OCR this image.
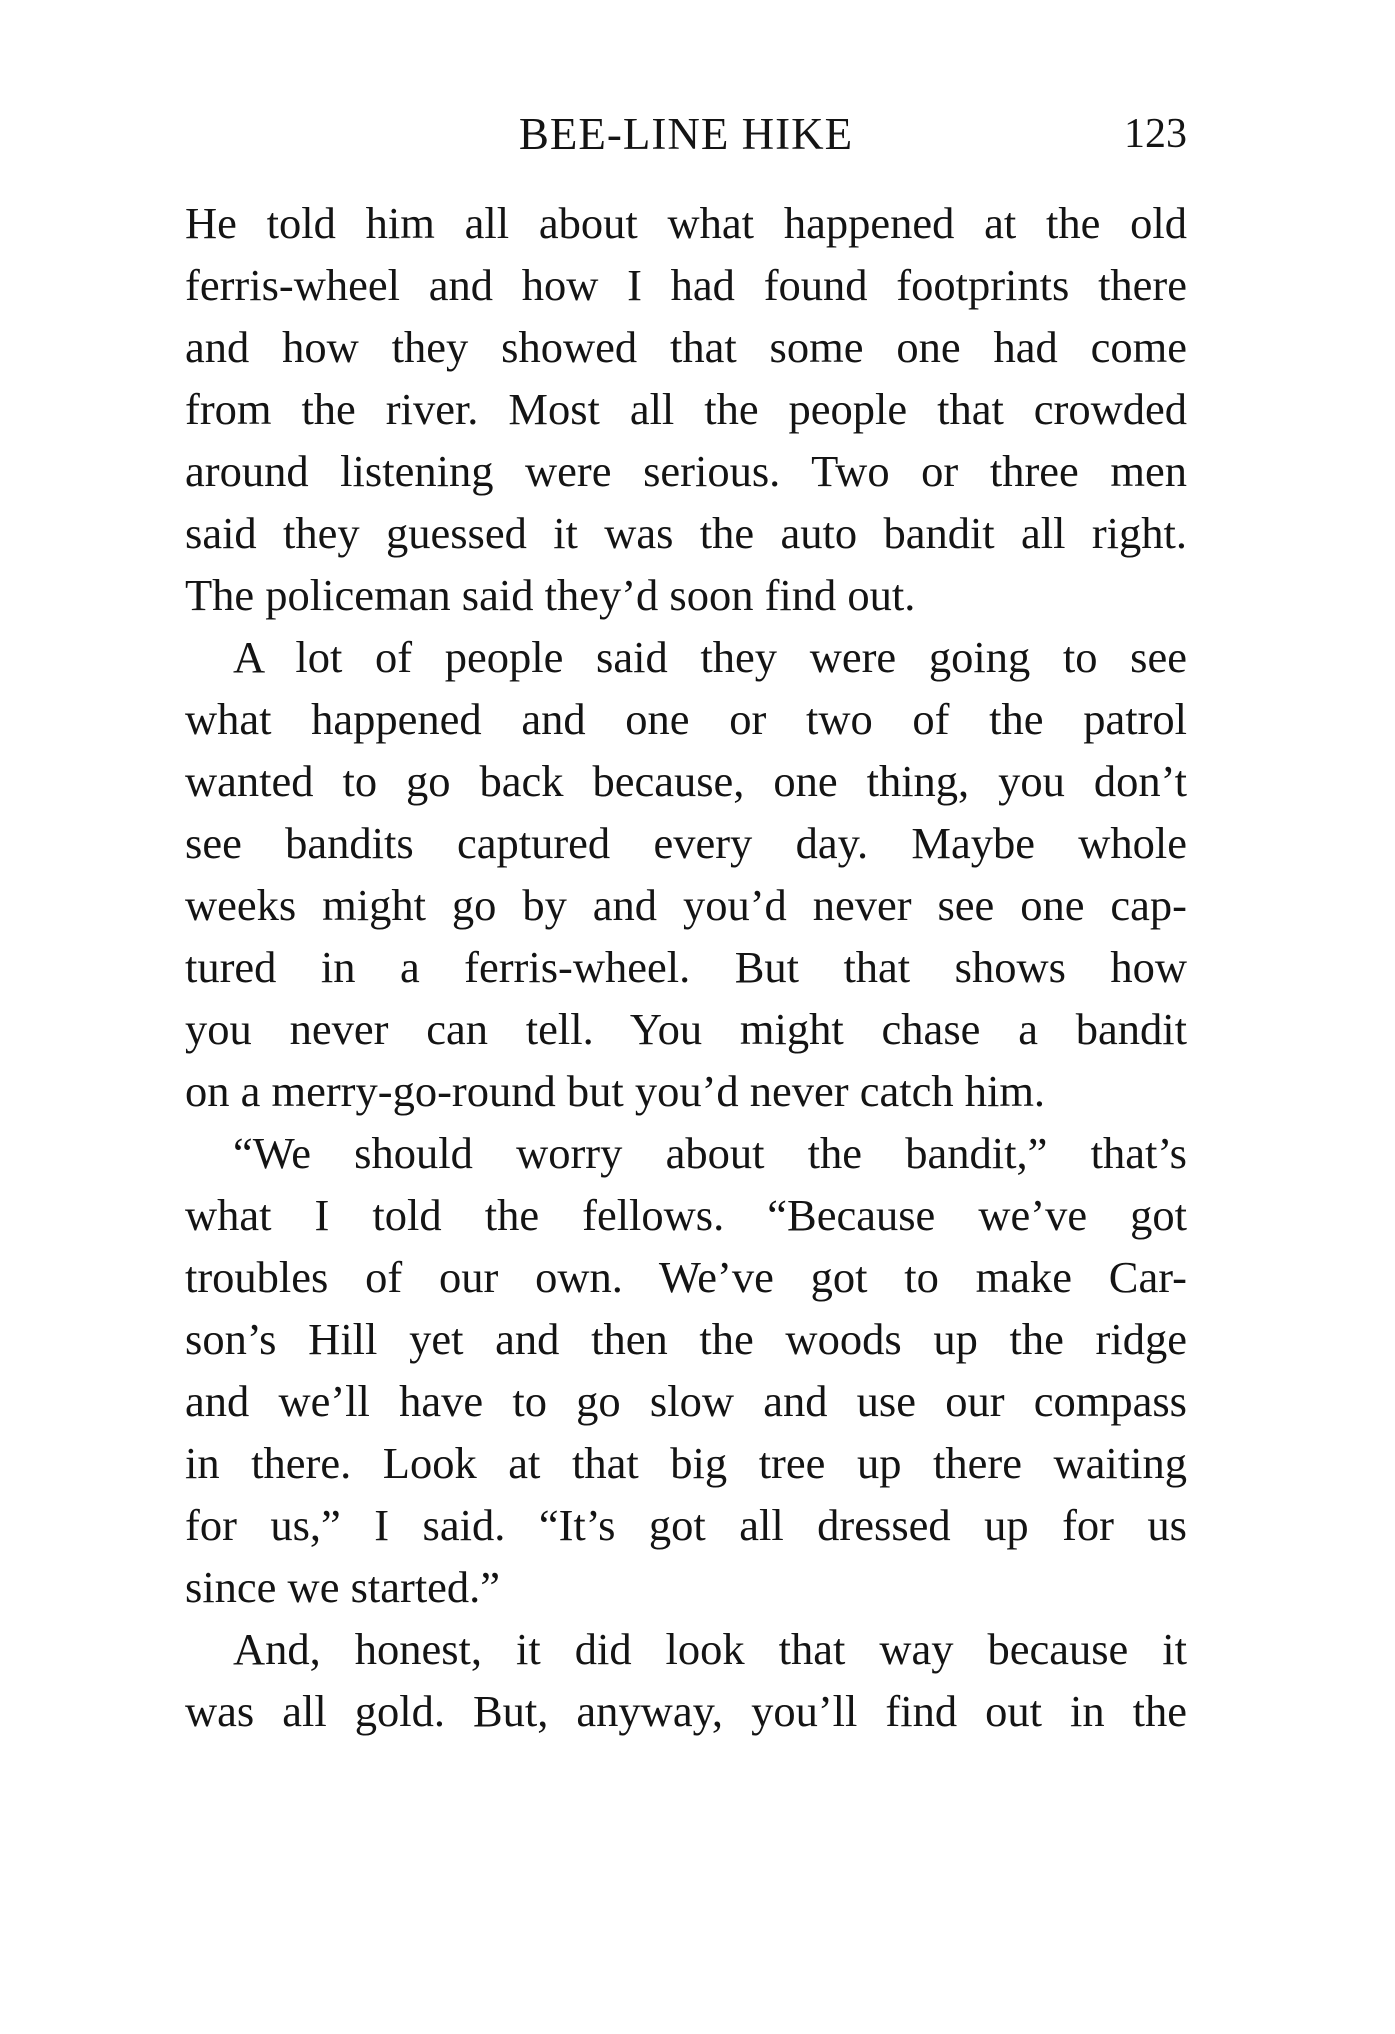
BEE-LINE HIKE	123
He told him all about what happened at the old
ferris-wheel and how I had found footprints there
and how they showed that some one had come
from the river. Most all the people that crowded
around listening were serious. Two or three men
said they guessed it was the auto bandit all right.
The policeman said they’d soon find out.
A lot of people said they were going to see
what happened and one or two of the patrol
wanted to go back because, one thing, you don’t
see bandits captured every day. Maybe whole
weeks might go by and you’d never see one cap-
tured in a ferris-wheel. But that shows how
you never can tell. You might chase a bandit
on a merry-go-round but you’d never catch him.
“We should worry about the bandit,” that’s
what I told the fellows. “Because we’ve got
troubles of our own. We’ve got to make Car-
son’s Hill yet and then the woods up the ridge
and we’ll have to go slow and use our compass
in there. Look at that big tree up there waiting
for us,” I said. “It’s got all dressed up for us
since we started.”
And, honest, it did look that way because it
was all gold. But, anyway, you’ll find out in the
